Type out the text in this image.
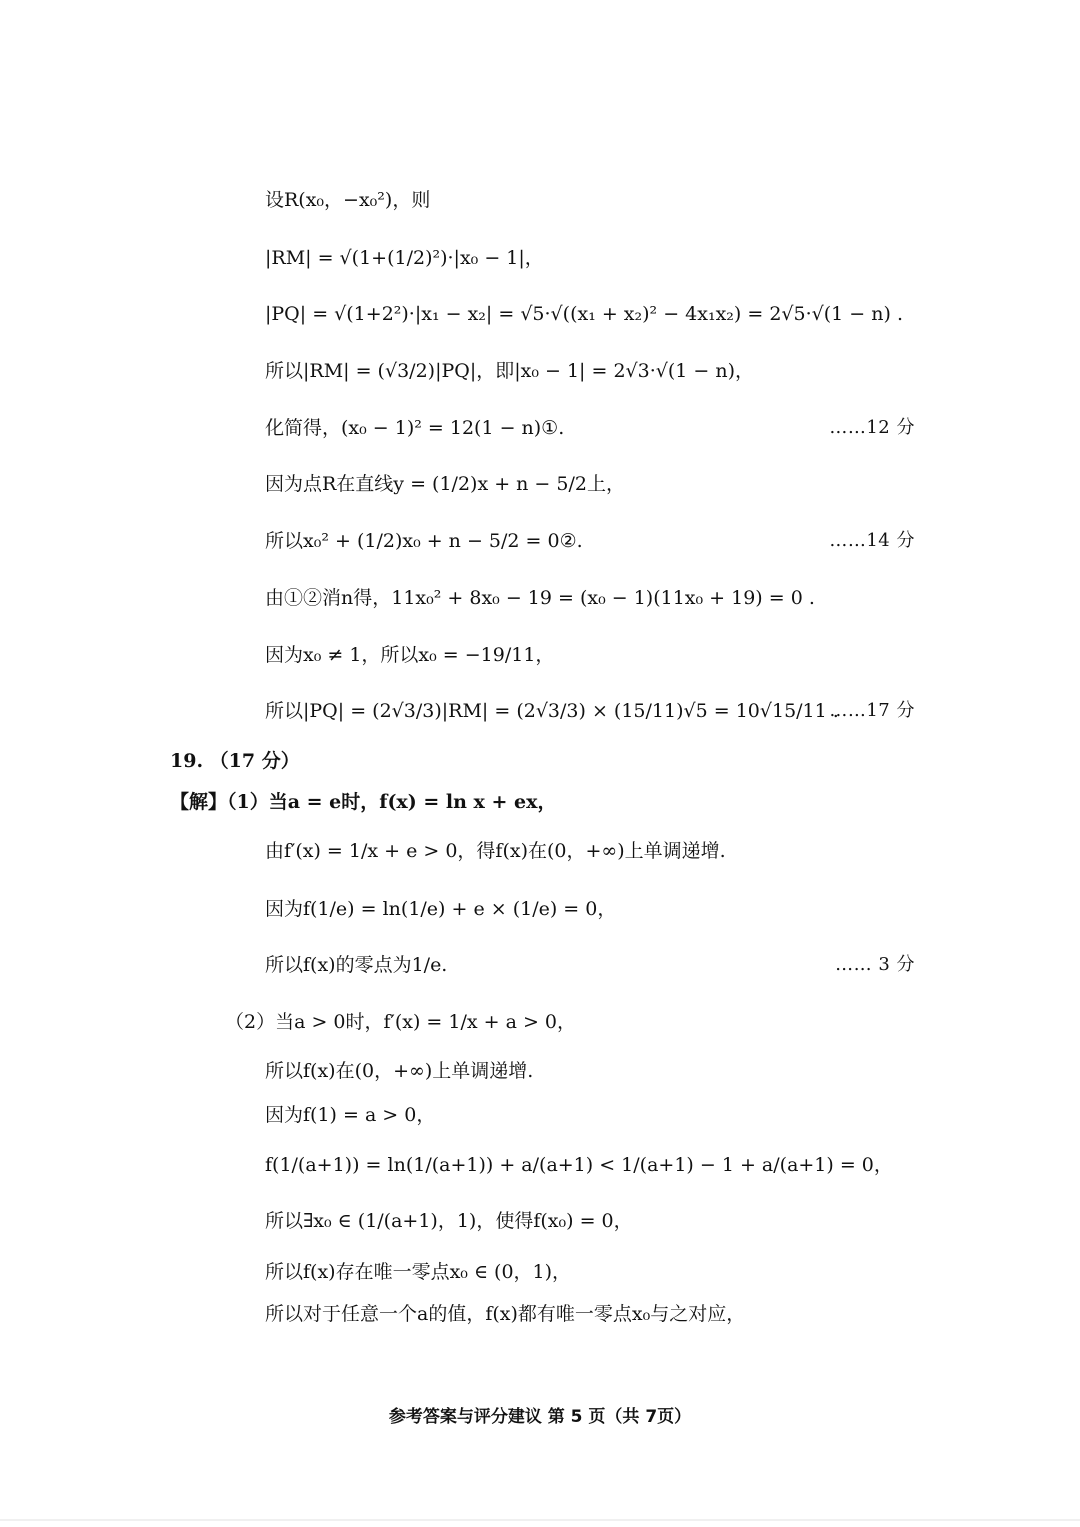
设R(x₀，−x₀²)，则
|RM| = √(1+(1/2)²)·|x₀ − 1|，
|PQ| = √(1+2²)·|x₁ − x₂| = √5·√((x₁ + x₂)² − 4x₁x₂) = 2√5·√(1 − n) .
所以|RM| = (√3/2)|PQ|，即|x₀ − 1| = 2√3·√(1 − n)，
化简得，(x₀ − 1)² = 12(1 − n)①.	……12 分
因为点R在直线y = (1/2)x + n − 5/2上，
所以x₀² + (1/2)x₀ + n − 5/2 = 0②.	……14 分
由①②消n得，11x₀² + 8x₀ − 19 = (x₀ − 1)(11x₀ + 19) = 0 .
因为x₀ ≠ 1，所以x₀ = −19/11，
所以|PQ| = (2√3/3)|RM| = (2√3/3) × (15/11)√5 = 10√15/11 .
……17 分
19. （17 分）
【解】（1）当a = e时，f(x) = ln x + ex，
由f′(x) = 1/x + e > 0，得f(x)在(0，+∞)上单调递增.
因为f(1/e) = ln(1/e) + e × (1/e) = 0，
所以f(x)的零点为1/e.	…… 3 分
（2）当a > 0时，f′(x) = 1/x + a > 0，
所以f(x)在(0，+∞)上单调递增.
因为f(1) = a > 0，
f(1/(a+1)) = ln(1/(a+1)) + a/(a+1) < 1/(a+1) − 1 + a/(a+1) = 0，
所以∃x₀ ∈ (1/(a+1)，1)，使得f(x₀) = 0，
所以f(x)存在唯一零点x₀ ∈ (0，1)，
所以对于任意一个a的值，f(x)都有唯一零点x₀与之对应，
参考答案与评分建议 第 5 页（共 7页）
